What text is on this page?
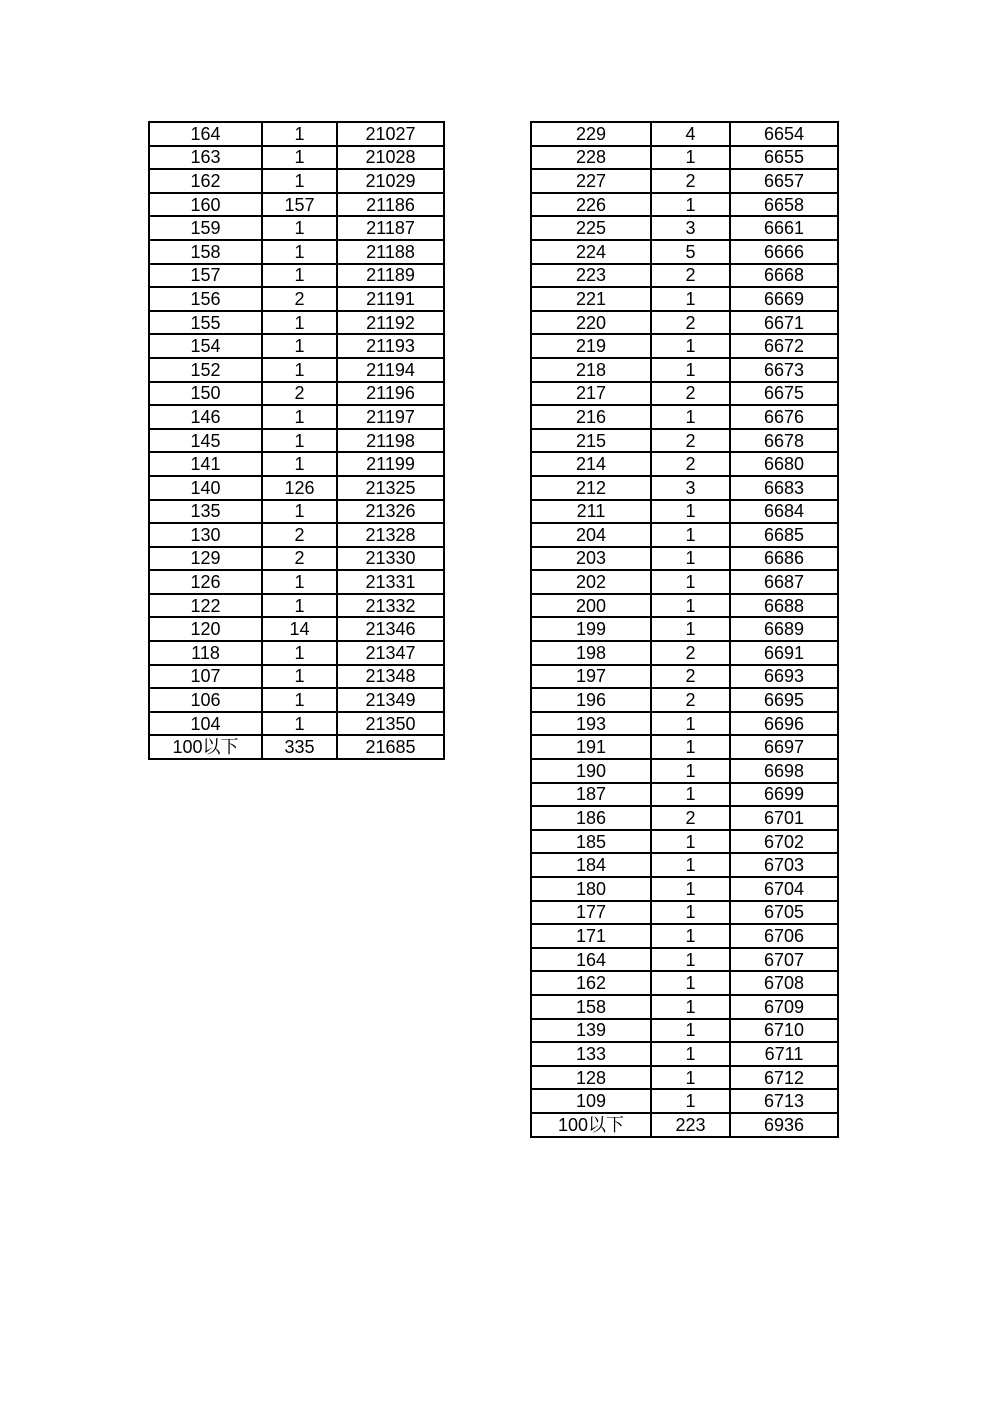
164	1	21027
163	1	21028
162	1	21029
160	157	21186
159	1	21187
158	1	21188
157	1	21189
156	2	21191
155	1	21192
154	1	21193
152	1	21194
150	2	21196
146	1	21197
145	1	21198
141	1	21199
140	126	21325
135	1	21326
130	2	21328
129	2	21330
126	1	21331
122	1	21332
120	14	21346
118	1	21347
107	1	21348
106	1	21349
104	1	21350
100以下	335	21685
229	4	6654
228	1	6655
227	2	6657
226	1	6658
225	3	6661
224	5	6666
223	2	6668
221	1	6669
220	2	6671
219	1	6672
218	1	6673
217	2	6675
216	1	6676
215	2	6678
214	2	6680
212	3	6683
211	1	6684
204	1	6685
203	1	6686
202	1	6687
200	1	6688
199	1	6689
198	2	6691
197	2	6693
196	2	6695
193	1	6696
191	1	6697
190	1	6698
187	1	6699
186	2	6701
185	1	6702
184	1	6703
180	1	6704
177	1	6705
171	1	6706
164	1	6707
162	1	6708
158	1	6709
139	1	6710
133	1	6711
128	1	6712
109	1	6713
100以下	223	6936
